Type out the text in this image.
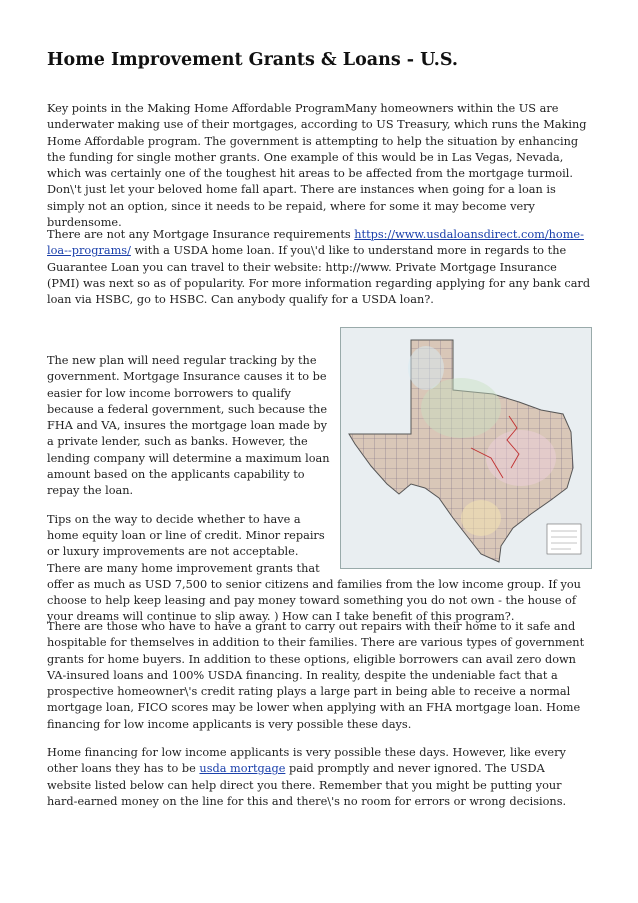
Home Improvement Grants & Loans - U.S.

Key points in the Making Home Affordable ProgramMany homeowners within the US are underwater making use of their mortgages, according to US Treasury, which runs the Making Home Affordable program. The government is attempting to help the situation by enhancing the funding for single mother grants. One example of this would be in Las Vegas, Nevada, which was certainly one of the toughest hit areas to be affected from the mortgage turmoil. Don\'t just let your beloved home fall apart. There are instances when going for a loan is simply not an option, since it needs to be repaid, where for some it may become very burdensome.

There are not any Mortgage Insurance requirements https://www.usdaloansdirect.com/home-loa--programs/ with a USDA home loan. If you\'d like to understand more in regards to the Guarantee Loan you can travel to their website: http://www. Private Mortgage Insurance (PMI) was next so as of popularity. For more information regarding applying for any bank card loan via HSBC, go to HSBC. Can anybody qualify for a USDA loan?.

The new plan will need regular tracking by the government. Mortgage Insurance causes it to be easier for low income borrowers to qualify because a federal government, such because the FHA and VA, insures the mortgage loan made by a private lender, such as banks. However, the lending company will determine a maximum loan amount based on the applicants capability to repay the loan.

Tips on the way to decide whether to have a home equity loan or line of credit. Minor repairs or luxury improvements are not acceptable. There are many home improvement grants that offer as much as USD 7,500 to senior citizens and families from the low income group. If you choose to help keep leasing and pay money toward something you do not own - the house of your dreams will continue to slip away. ) How can I take benefit of this program?.

There are those who have to have a grant to carry out repairs with their home to it safe and hospitable for themselves in addition to their families. There are various types of government grants for home buyers. In addition to these options, eligible borrowers can avail zero down VA-insured loans and 100% USDA financing. In reality, despite the undeniable fact that a prospective homeowner\'s credit rating plays a large part in being able to receive a normal mortgage loan, FICO scores may be lower when applying with an FHA mortgage loan. Home financing for low income applicants is very possible these days.

Home financing for low income applicants is very possible these days. However, like every other loans they has to be usda mortgage paid promptly and never ignored. The USDA website listed below can help direct you there. Remember that you might be putting your hard-earned money on the line for this and there\'s no room for errors or wrong decisions.
